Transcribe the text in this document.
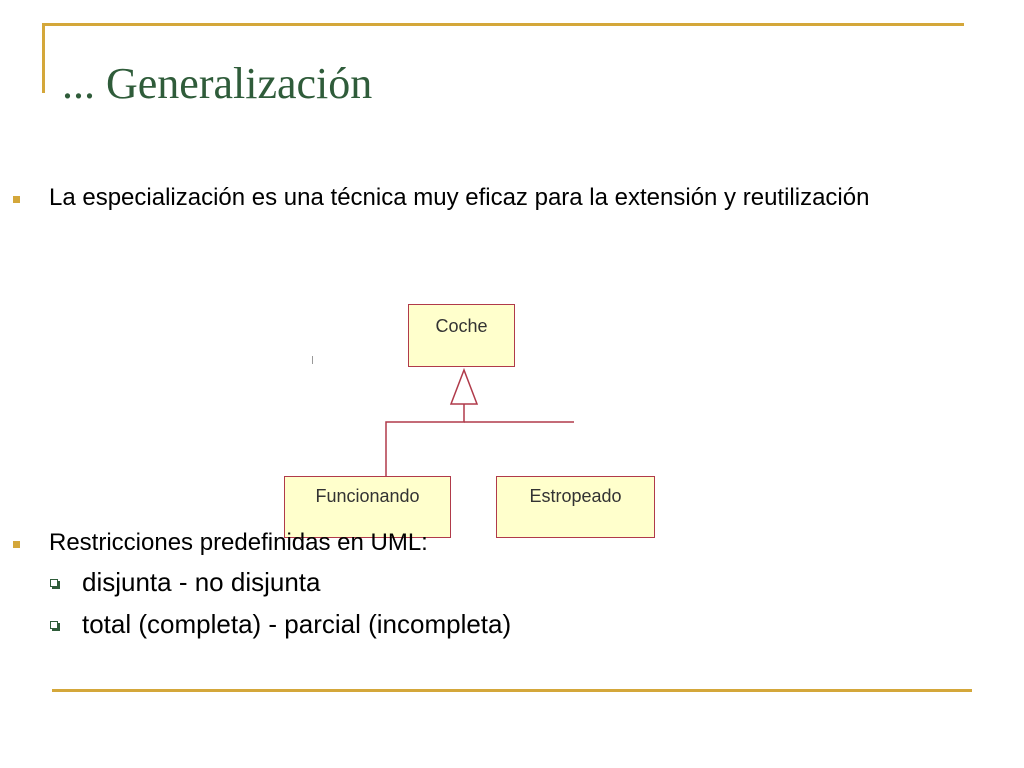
... Generalización
La especialización es una técnica muy eficaz para la extensión y reutilización
Coche
Funcionando	Estropeado
Restricciones predefinidas en UML:
disjunta - no disjunta
total (completa) - parcial (incompleta)
